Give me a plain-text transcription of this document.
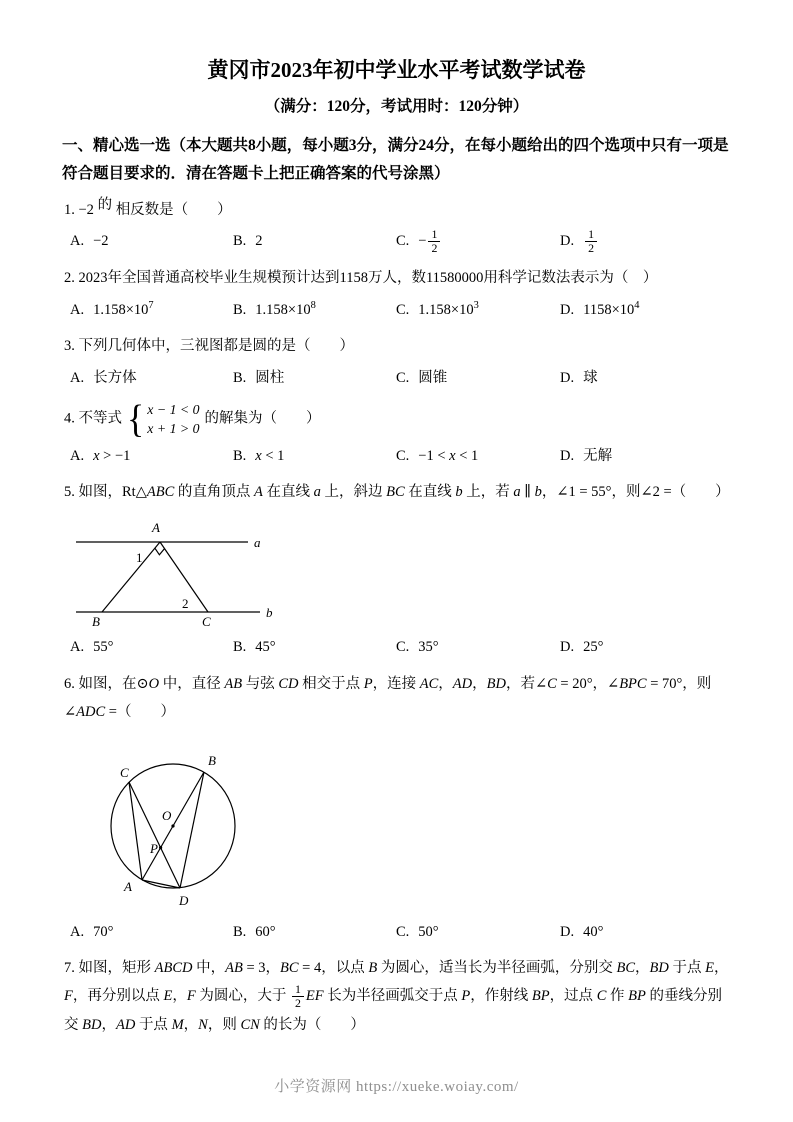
黄冈市2023年初中学业水平考试数学试卷
（满分：120分，考试用时：120分钟）
一、精心选一选（本大题共8小题，每小题3分，满分24分，在每小题给出的四个选项中只有一项是符合题目要求的．清在答题卡上把正确答案的代号涂黑）
1. −2 的 相反数是（　　）
A. −2	B. 2	C. − $\frac{1}{2}$	D. $\frac{1}{2}$
2. 2023年全国普通高校毕业生规模预计达到1158万人，数11580000用科学记数法表示为（　）
A. $1.158\times 10^7$	B. $1.158\times 10^8$	C. $1.158\times 10^3$	D. $1158\times 10^4$
3. 下列几何体中，三视图都是圆的是（　　）
A. 长方体	B. 圆柱	C. 圆锥	D. 球
4. 不等式 { x − 1 < 0
x + 1 > 0
的解集为（　　）
A. x > −1	B. x < 1	C. −1 < x < 1	D. 无解
5. 如图，Rt△ABC 的直角顶点 A 在直线 a 上，斜边 BC 在直线 b 上，若 a ∥ b，∠1 = 55°，则∠2 =（　　）
a
b
A
B	C
1
2
A. 55°	B. 45°	C. 35°	D. 25°
6. 如图，在⊙O 中，直径 AB 与弦 CD 相交于点 P，连接 AC，AD，BD，若∠C = 20°，∠BPC = 70°，则∠ADC =（　　）
C
B
O
P
A
D
A. 70°	B. 60°	C. 50°	D. 40°
7. 如图，矩形 ABCD 中，AB = 3，BC = 4，以点 B 为圆心，适当长为半径画弧，分别交 BC，BD 于点 E，F，再分别以点 E，F 为圆心，大于 $\frac{1}{2}$ EF 长为半径画弧交于点 P，作射线 BP，过点 C 作 BP 的垂线分别交 BD，AD 于点 M，N，则 CN 的长为（　　）
小学资源网 https://xueke.woiay.com/
